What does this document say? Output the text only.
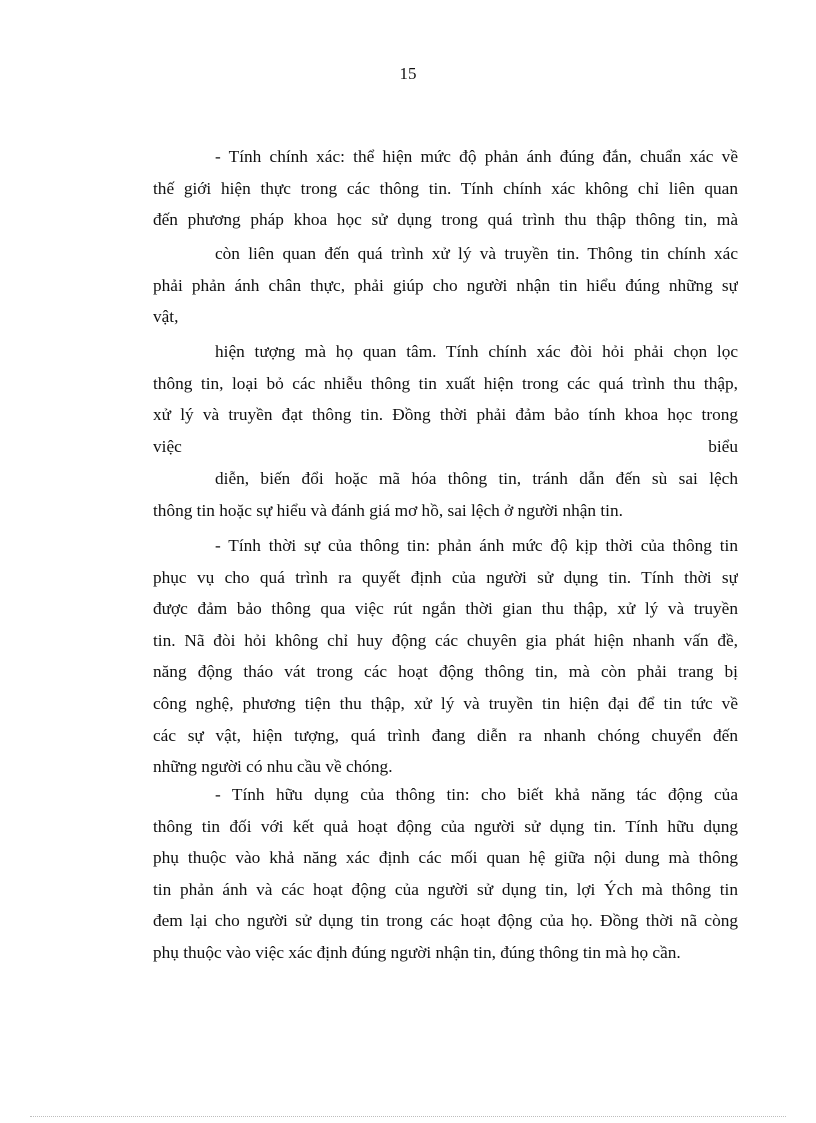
15
- Tính chính xác: thể hiện mức độ phản ánh đúng đắn, chuẩn xác về
thế giới hiện thực trong các thông tin. Tính chính xác không chỉ liên quan
đến phương pháp khoa học sử dụng trong quá trình thu thập thông tin, mà
còn liên quan đến quá trình xử lý và truyền tin. Thông tin chính xác
phải phản ánh chân thực, phải giúp cho người nhận tin hiểu đúng những sự
vật,
hiện tượng mà họ quan tâm. Tính chính xác đòi hỏi phải chọn lọc
thông tin, loại bỏ các nhiễu thông tin xuất hiện trong các quá trình thu thập,
xử lý và truyền đạt thông tin. Đồng thời phải đảm bảo tính khoa học trong
việc	biểu
diễn, biến đổi hoặc mã hóa thông tin, tránh dẫn đến sù sai lệch
thông tin hoặc sự hiểu và đánh giá mơ hồ, sai lệch ở người nhận tin.
- Tính thời sự của thông tin: phản ánh mức độ kịp thời của thông tin
phục vụ cho quá trình ra quyết định của người sử dụng tin. Tính thời sự
được đảm bảo thông qua việc rút ngắn thời gian thu thập, xử lý và truyền
tin. Nã đòi hỏi không chỉ huy động các chuyên gia phát hiện nhanh vấn đề,
năng động tháo vát trong các hoạt động thông tin, mà còn phải trang bị
công nghệ, phương tiện thu thập, xử lý và truyền tin hiện đại để tin tức về
các sự vật, hiện tượng, quá trình đang diễn ra nhanh chóng chuyển đến
những người có nhu cầu về chóng.
- Tính hữu dụng của thông tin: cho biết khả năng tác động của
thông tin đối với kết quả hoạt động của người sử dụng tin. Tính hữu dụng
phụ thuộc vào khả năng xác định các mối quan hệ giữa nội dung mà thông
tin phản ánh và các hoạt động của người sử dụng tin, lợi Ých mà thông tin
đem lại cho người sử dụng tin trong các hoạt động của họ. Đồng thời nã còng
phụ thuộc vào việc xác định đúng người nhận tin, đúng thông tin mà họ cần.
